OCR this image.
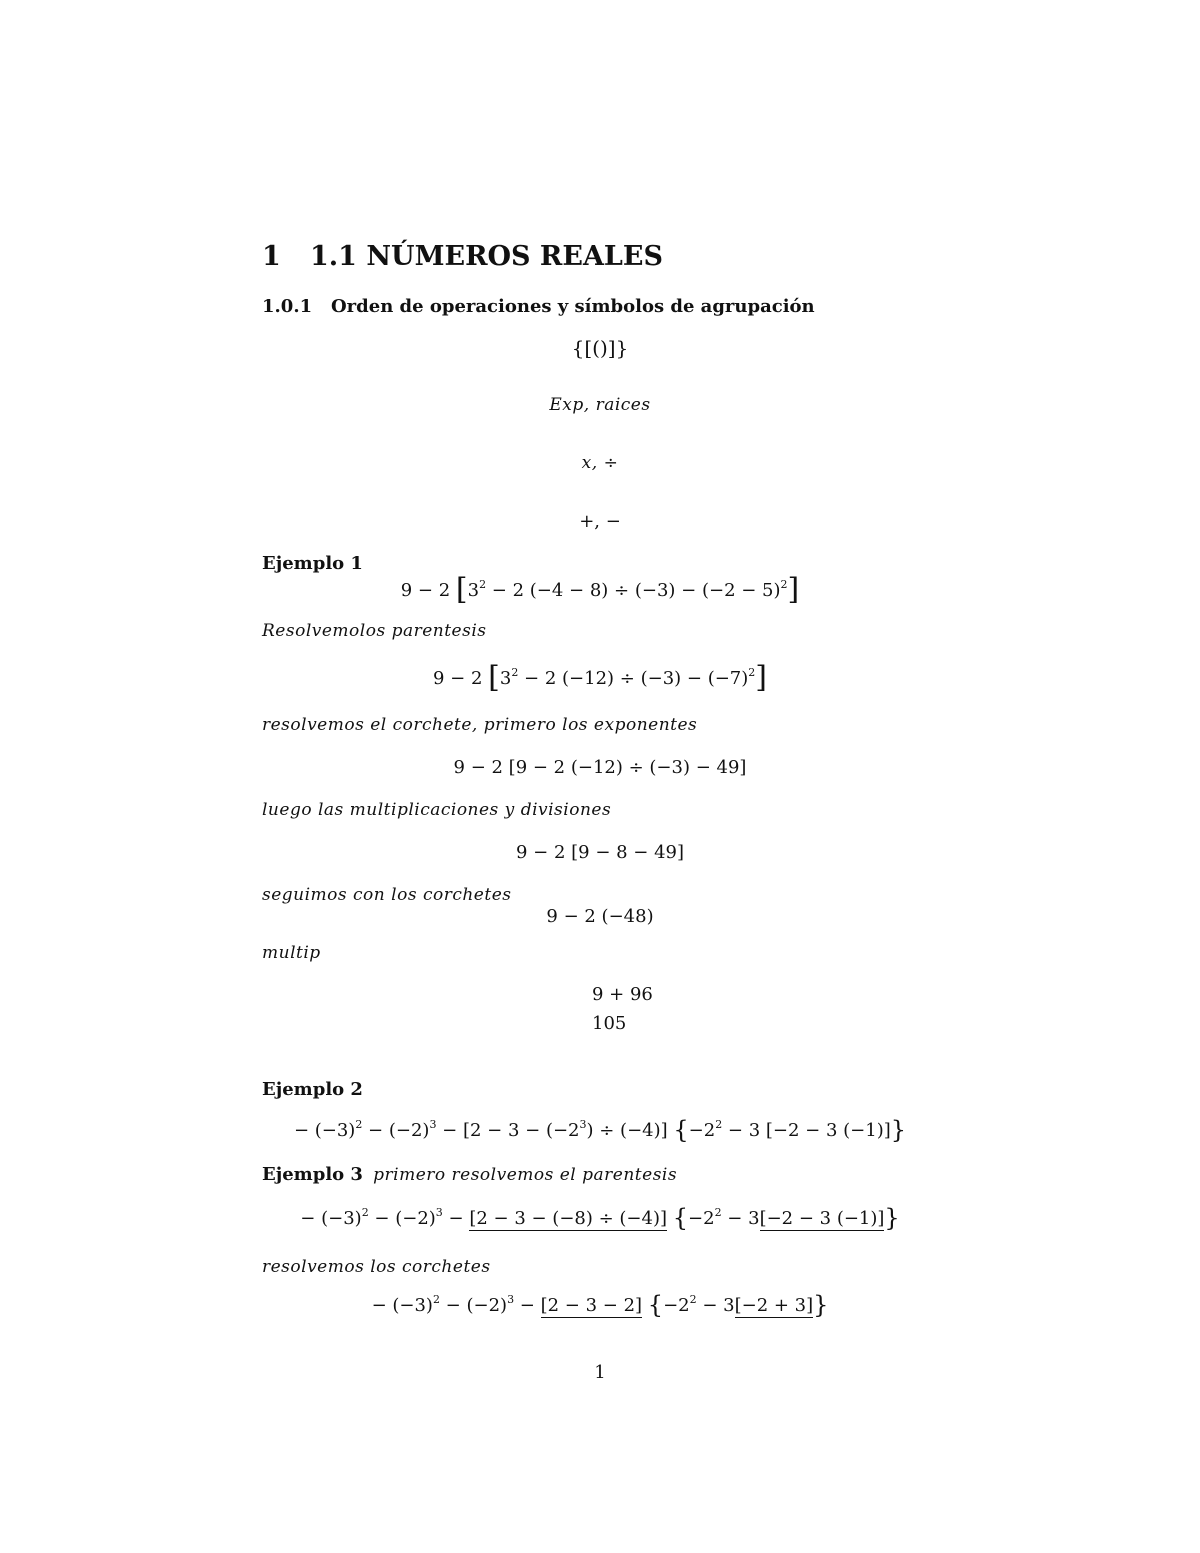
1 1.1 NÚMEROS REALES
1.0.1 Orden de operaciones y símbolos de agrupación
{[()]}
Exp, raices
x, ÷
+, −
Ejemplo 1
9 − 2 [$3^2 - 2$ $(-4 - 8) \div (-3) - (-2 - 5)^2$]
Resolvemolos parentesis
9 − 2 [$3^2 - 2$ $(-12) \div (-3) - (-7)^2$]
resolvemos el corchete, primero los exponentes
9 − 2 [9 − 2 (−12) ÷ (−3) − 49]
luego las multiplicaciones y divisiones
9 − 2 [9 − 8 − 49]
seguimos con los corchetes
9 − 2 (−48)
multip
9 + 96
105
Ejemplo 2
− $(-3)^2 - (-2)^3 - [2 - 3 - (-2^3) \div (-4)] \{-2^2 - 3$ [−2 − 3 (−1)]}
Ejemplo 3 primero resolvemos el parentesis
− $(-3)^2 - (-2)^3 - [2 - 3 - (-8) \div (-4)] \{-2^2 - 3[-2 - 3$ (−1)]}
resolvemos los corchetes
− $(-3)^2 - (-2)^3 - [2 - 3 - 2] \{-2^2 - 3[-2 + 3]\}$
1
